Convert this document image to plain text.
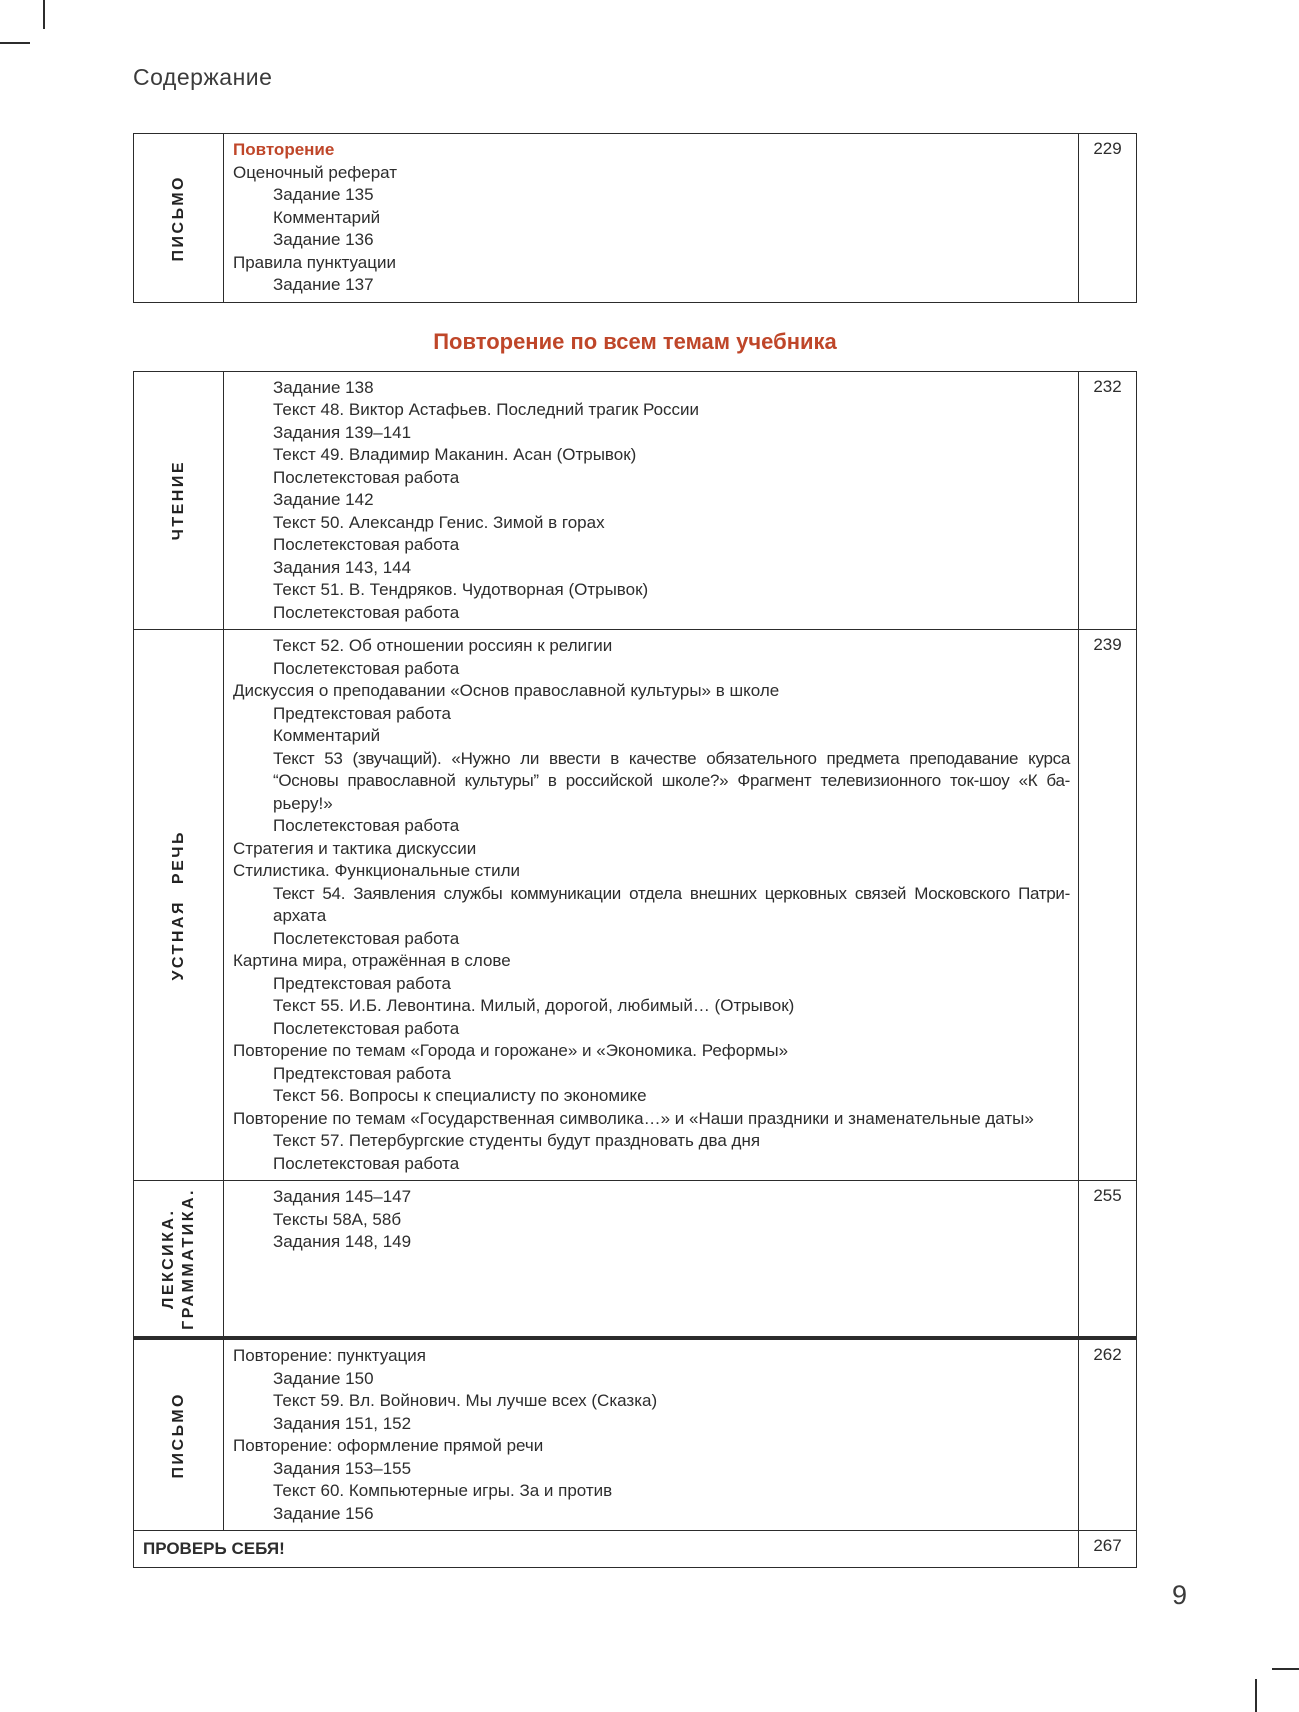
Содержание
ПИСЬМО
Повторение
Оценочный реферат
Задание 135
Комментарий
Задание 136
Правила пунктуации
Задание 137
229
Повторение по всем темам учебника
ЧТЕНИЕ
Задание 138
Текст 48. Виктор Астафьев. Последний трагик России
Задания 139–141
Текст 49. Владимир Маканин. Асан (Отрывок)
Послетекстовая работа
Задание 142
Текст 50. Александр Генис. Зимой в горах
Послетекстовая работа
Задания 143, 144
Текст 51. В. Тендряков. Чудотворная (Отрывок)
Послетекстовая работа
232
УСТНАЯ РЕЧЬ
Текст 52. Об отношении россиян к религии
Послетекстовая работа
Дискуссия о преподавании «Основ православной культуры» в школе
Предтекстовая работа
Комментарий
Текст 53 (звучащий). «Нужно ли ввести в качестве обязательного предмета преподавание курса
“Основы православной культуры” в российской школе?» Фрагмент телевизионного ток-шоу «К ба-
рьеру!»
Послетекстовая работа
Стратегия и тактика дискуссии
Стилистика. Функциональные стили
Текст 54. Заявления службы коммуникации отдела внешних церковных связей Московского Патри-
архата
Послетекстовая работа
Картина мира, отражённая в слове
Предтекстовая работа
Текст 55. И.Б. Левонтина. Милый, дорогой, любимый… (Отрывок)
Послетекстовая работа
Повторение по темам «Города и горожане» и «Экономика. Реформы»
Предтекстовая работа
Текст 56. Вопросы к специалисту по экономике
Повторение по темам «Государственная символика…» и «Наши праздники и знаменательные даты»
Текст 57. Петербургские студенты будут праздновать два дня
Послетекстовая работа
239
ЛЕКСИКА. ГРАММАТИКА.	Задания 145–147
Тексты 58А, 58б
Задания 148, 149
255
ПИСЬМО
Повторение: пунктуация
Задание 150
Текст 59. Вл. Войнович. Мы лучше всех (Сказка)
Задания 151, 152
Повторение: оформление прямой речи
Задания 153–155
Текст 60. Компьютерные игры. За и против
Задание 156
262
ПРОВЕРЬ СЕБЯ!	267
9
